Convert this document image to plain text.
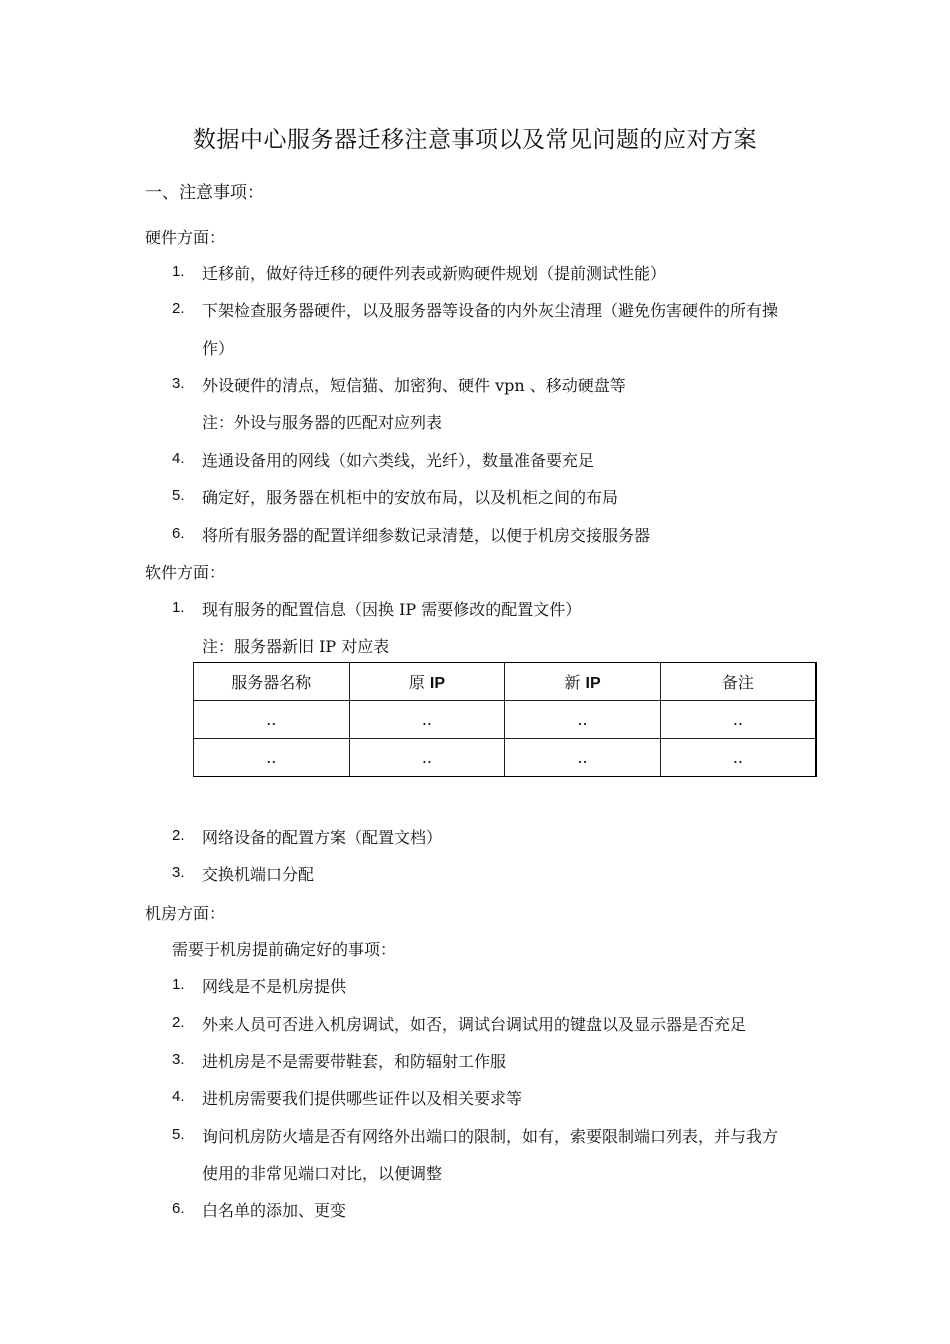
数据中心服务器迁移注意事项以及常见问题的应对方案
一、注意事项：
硬件方面：
1. 迁移前，做好待迁移的硬件列表或新购硬件规划（提前测试性能）
2. 下架检查服务器硬件，以及服务器等设备的内外灰尘清理（避免伤害硬件的所有操
作）
3. 外设硬件的清点，短信猫、加密狗、硬件 vpn 、移动硬盘等
注：外设与服务器的匹配对应列表
4. 连通设备用的网线（如六类线，光纤），数量准备要充足
5. 确定好，服务器在机柜中的安放布局，以及机柜之间的布局
6. 将所有服务器的配置详细参数记录清楚，以便于机房交接服务器
软件方面：
1. 现有服务的配置信息（因换 IP 需要修改的配置文件）
注：服务器新旧 IP 对应表
服务器名称	原 IP	新 IP	备注
..	..	..	..
..	..	..	..
2. 网络设备的配置方案（配置文档）
3. 交换机端口分配
机房方面：
需要于机房提前确定好的事项：
1. 网线是不是机房提供
2. 外来人员可否进入机房调试，如否，调试台调试用的键盘以及显示器是否充足
3. 进机房是不是需要带鞋套，和防辐射工作服
4. 进机房需要我们提供哪些证件以及相关要求等
5. 询问机房防火墙是否有网络外出端口的限制，如有，索要限制端口列表，并与我方
使用的非常见端口对比，以便调整
6. 白名单的添加、更变
